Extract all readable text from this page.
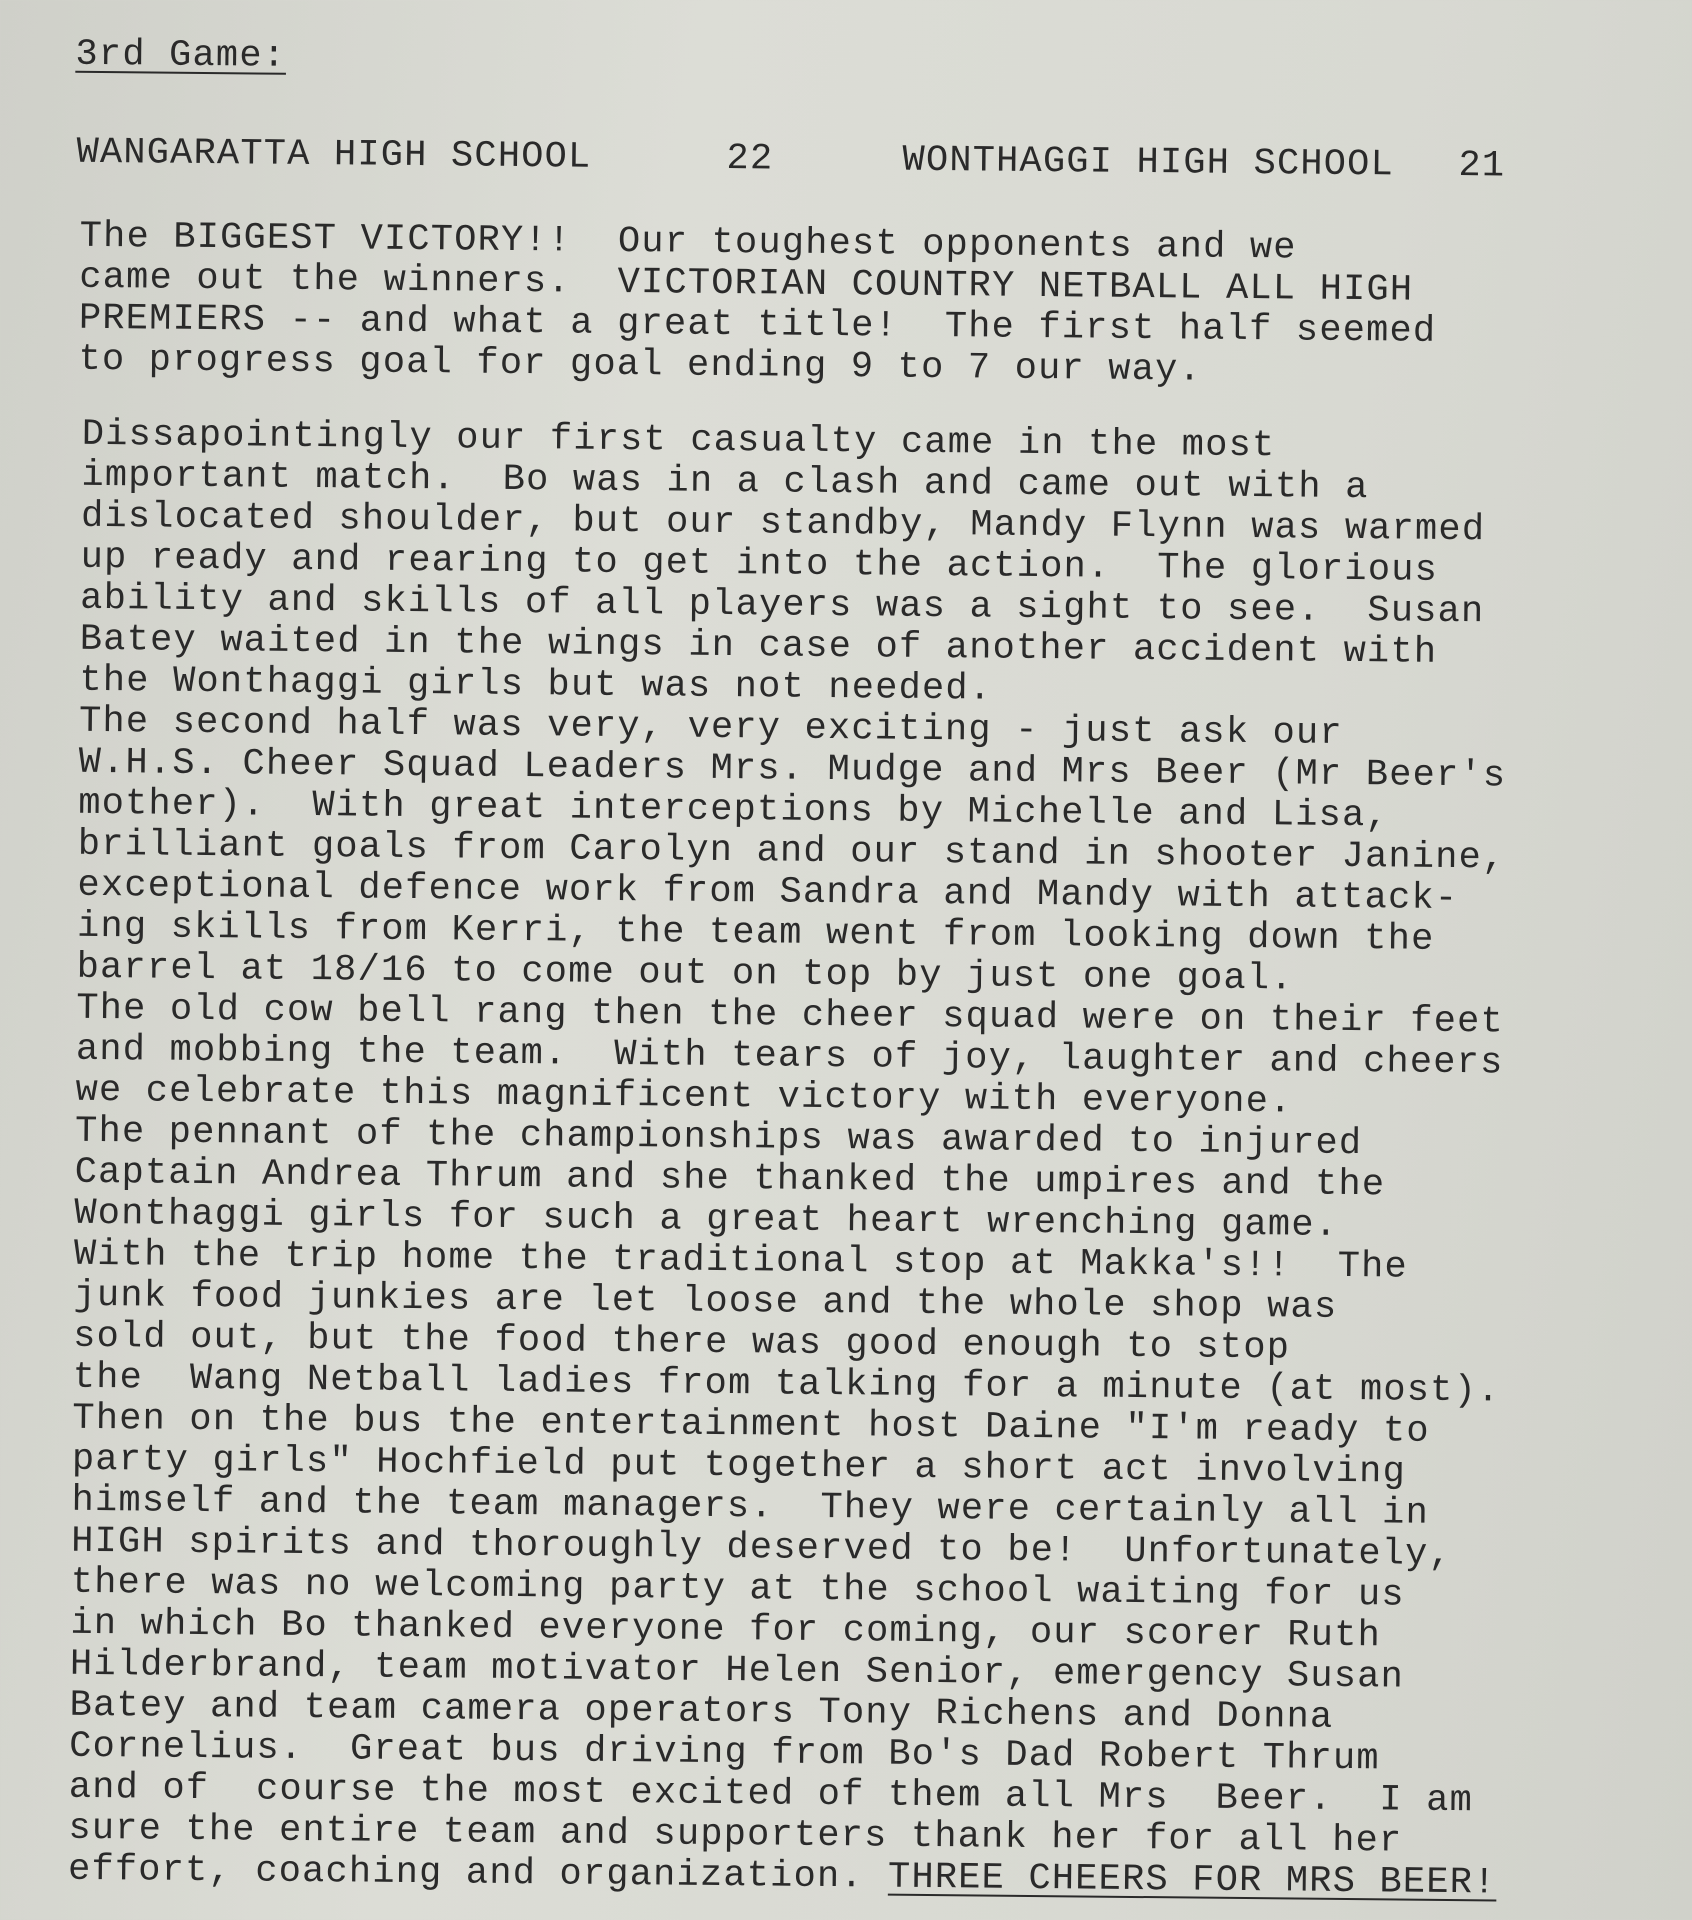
3rd Game:
WANGARATTA HIGH SCHOOL	22	WONTHAGGI HIGH SCHOOL 21
The BIGGEST VICTORY!!  Our toughest opponents and we
came out the winners.  VICTORIAN COUNTRY NETBALL ALL HIGH
PREMIERS -- and what a great title!  The first half seemed
to progress goal for goal ending 9 to 7 our way.
Dissapointingly our first casualty came in the most
important match.  Bo was in a clash and came out with a
dislocated shoulder, but our standby, Mandy Flynn was warmed
up ready and rearing to get into the action.  The glorious
ability and skills of all players was a sight to see.  Susan
Batey waited in the wings in case of another accident with
the Wonthaggi girls but was not needed.
The second half was very, very exciting - just ask our
W.H.S. Cheer Squad Leaders Mrs. Mudge and Mrs Beer (Mr Beer's
mother).  With great interceptions by Michelle and Lisa,
brilliant goals from Carolyn and our stand in shooter Janine,
exceptional defence work from Sandra and Mandy with attack-
ing skills from Kerri, the team went from looking down the
barrel at 18/16 to come out on top by just one goal.
The old cow bell rang then the cheer squad were on their feet
and mobbing the team.  With tears of joy, laughter and cheers
we celebrate this magnificent victory with everyone.
The pennant of the championships was awarded to injured
Captain Andrea Thrum and she thanked the umpires and the
Wonthaggi girls for such a great heart wrenching game.
With the trip home the traditional stop at Makka's!!  The
junk food junkies are let loose and the whole shop was
sold out, but the food there was good enough to stop
the  Wang Netball ladies from talking for a minute (at most).
Then on the bus the entertainment host Daine "I'm ready to
party girls" Hochfield put together a short act involving
himself and the team managers.  They were certainly all in
HIGH spirits and thoroughly deserved to be!  Unfortunately,
there was no welcoming party at the school waiting for us
in which Bo thanked everyone for coming, our scorer Ruth
Hilderbrand, team motivator Helen Senior, emergency Susan
Batey and team camera operators Tony Richens and Donna
Cornelius.  Great bus driving from Bo's Dad Robert Thrum
and of  course the most excited of them all Mrs  Beer.  I am
sure the entire team and supporters thank her for all her
effort, coaching and organization. THREE CHEERS FOR MRS BEER!
